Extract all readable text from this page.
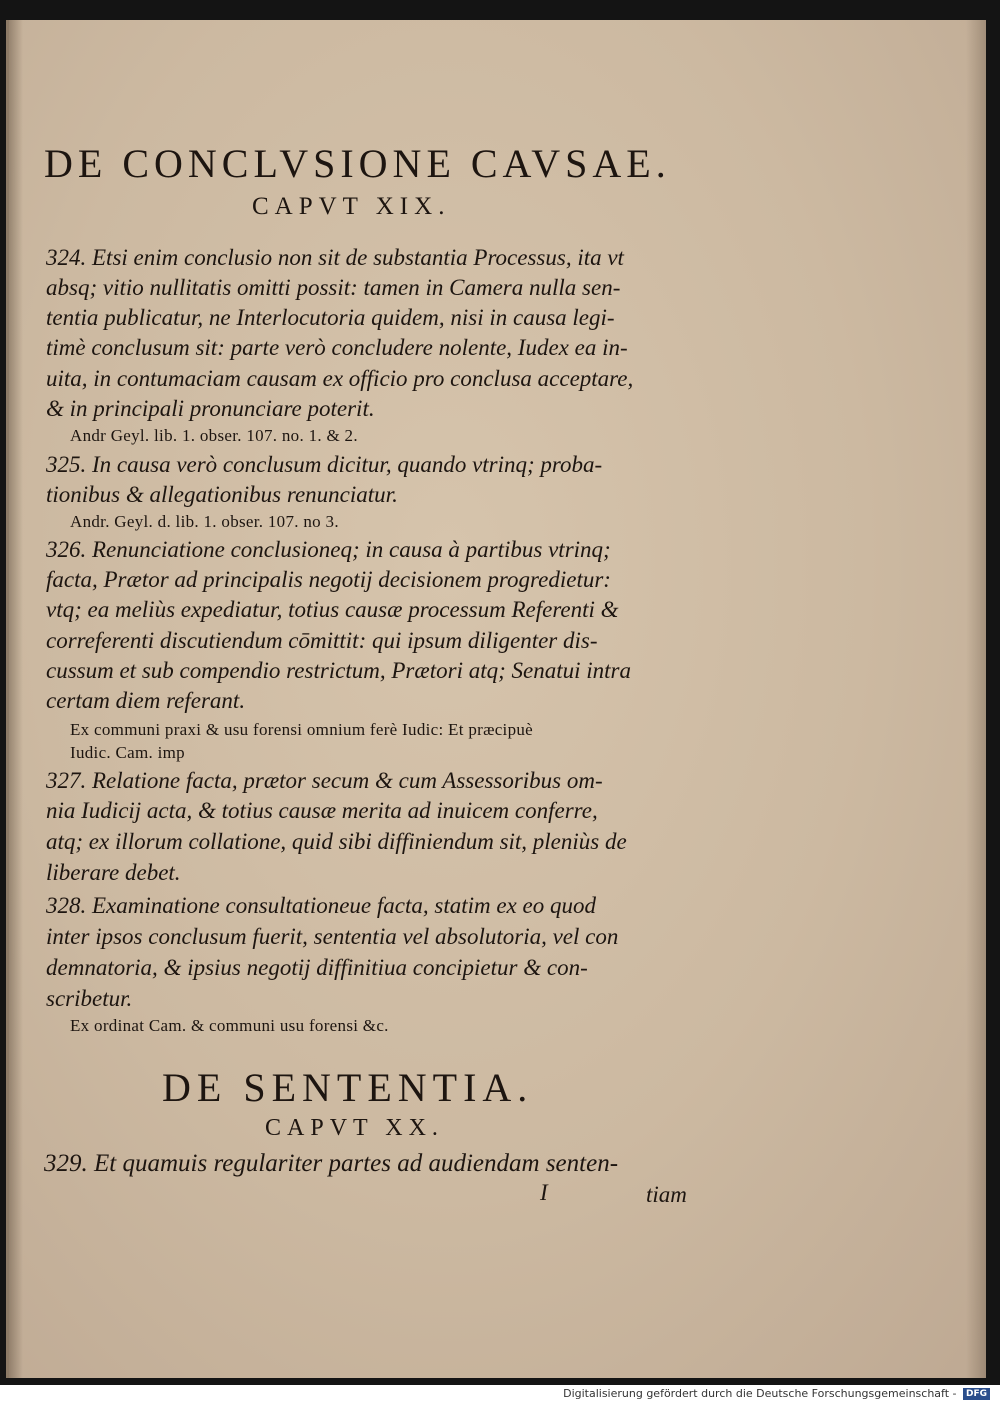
DE CONCLVSIONE CAVSAE.
CAPVT XIX.
324. Etsi enim conclusio non sit de substantia Processus, ita vt
absq; vitio nullitatis omitti possit: tamen in Camera nulla sen-
tentia publicatur, ne Interlocutoria quidem, nisi in causa legi-
timè conclusum sit: parte verò concludere nolente, Iudex ea in-
uita, in contumaciam causam ex officio pro conclusa acceptare,
& in principali pronunciare poterit.
Andr Geyl. lib. 1. obser. 107. no. 1. & 2.
325. In causa verò conclusum dicitur, quando vtrinq; proba-
tionibus & allegationibus renunciatur.
Andr. Geyl. d. lib. 1. obser. 107. no 3.
326. Renunciatione conclusioneq; in causa à partibus vtrinq;
facta, Prætor ad principalis negotij decisionem progredietur:
vtq; ea meliùs expediatur, totius causæ processum Referenti &
correferenti discutiendum cōmittit: qui ipsum diligenter dis-
cussum et sub compendio restrictum, Prætori atq; Senatui intra
certam diem referant.
Ex communi praxi & usu forensi omnium ferè Iudic: Et præcipuè
Iudic. Cam. imp
327. Relatione facta, prætor secum & cum Assessoribus om-
nia Iudicij acta, & totius causæ merita ad inuicem conferre,
atq; ex illorum collatione, quid sibi diffiniendum sit, pleniùs de
liberare debet.
328. Examinatione consultationeue facta, statim ex eo quod
inter ipsos conclusum fuerit, sententia vel absolutoria, vel con
demnatoria, & ipsius negotij diffinitiua concipietur & con-
scribetur.
Ex ordinat Cam. & communi usu forensi &c.
DE SENTENTIA.
CAPVT XX.
329. Et quamuis regulariter partes ad audiendam senten-
I	tiam
Digitalisierung gefördert durch die Deutsche Forschungsgemeinschaft - DFG
